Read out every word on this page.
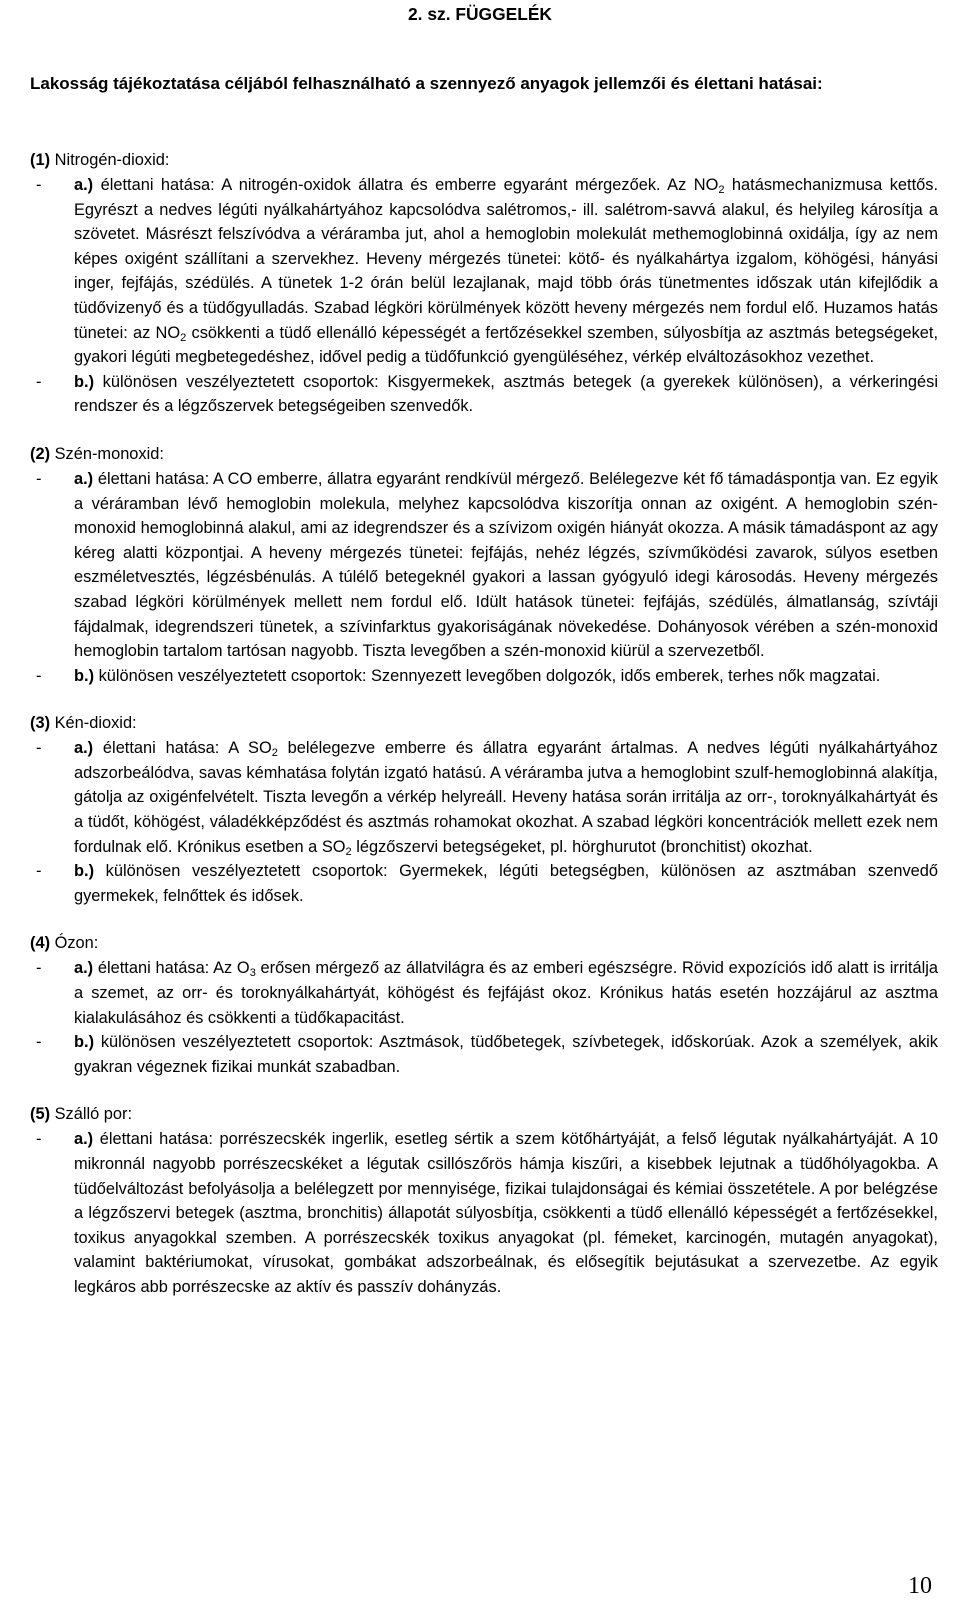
2. sz. FÜGGELÉK
Lakosság tájékoztatása céljából felhasználható a szennyező anyagok jellemzői és élettani hatásai:
(1) Nitrogén-dioxid:
- a.) élettani hatása: A nitrogén-oxidok állatra és emberre egyaránt mérgezőek. Az $NO_2$ hatásmechanizmusa kettős. Egyrészt a nedves légúti nyálkahártyához kapcsolódva salétromos,- ill. salétrom-savvá alakul, és helyileg károsítja a szövetet. Másrészt felszívódva a véráramba jut, ahol a hemoglobin molekulát methemoglobinná oxidálja, így az nem képes oxigént szállítani a szervekhez. Heveny mérgezés tünetei: kötő- és nyálkahártya izgalom, köhögési, hányási inger, fejfájás, szédülés. A tünetek 1-2 órán belül lezajlanak, majd több órás tünetmentes időszak után kifejlődik a tüdővizenyő és a tüdőgyulladás. Szabad légköri körülmények között heveny mérgezés nem fordul elő. Huzamos hatás tünetei: az $NO_2$ csökkenti a tüdő ellenálló képességét a fertőzésekkel szemben, súlyosbítja az asztmás betegségeket, gyakori légúti megbetegedéshez, idővel pedig a tüdőfunkció gyengüléséhez, vérkép elváltozásokhoz vezethet.
- b.) különösen veszélyeztetett csoportok: Kisgyermekek, asztmás betegek (a gyerekek különösen), a vérkeringési rendszer és a légzőszervek betegségeiben szenvedők.
(2) Szén-monoxid:
- a.) élettani hatása: A CO emberre, állatra egyaránt rendkívül mérgező. Belélegezve két fő támadáspontja van. Ez egyik a véráramban lévő hemoglobin molekula, melyhez kapcsolódva kiszorítja onnan az oxigént. A hemoglobin szén-monoxid hemoglobinná alakul, ami az idegrendszer és a szívizom oxigén hiányát okozza. A másik támadáspont az agy kéreg alatti központjai. A heveny mérgezés tünetei: fejfájás, nehéz légzés, szívműködési zavarok, súlyos esetben eszméletvesztés, légzésbénulás. A túlélő betegeknél gyakori a lassan gyógyuló idegi károsodás. Heveny mérgezés szabad légköri körülmények mellett nem fordul elő. Idült hatások tünetei: fejfájás, szédülés, álmatlanság, szívtáji fájdalmak, idegrendszeri tünetek, a szívinfarktus gyakoriságának növekedése. Dohányosok vérében a szén-monoxid hemoglobin tartalom tartósan nagyobb. Tiszta levegőben a szén-monoxid kiürül a szervezetből.
- b.) különösen veszélyeztetett csoportok: Szennyezett levegőben dolgozók, idős emberek, terhes nők magzatai.
(3) Kén-dioxid:
- a.) élettani hatása: A $SO_2$ belélegezve emberre és állatra egyaránt ártalmas. A nedves légúti nyálkahártyához adszorbeálódva, savas kémhatása folytán izgató hatású. A véráramba jutva a hemoglobint szulf-hemoglobinná alakítja, gátolja az oxigénfelvételt. Tiszta levegőn a vérkép helyreáll. Heveny hatása során irritálja az orr-, toroknyálkahártyát és a tüdőt, köhögést, váladékképződést és asztmás rohamokat okozhat. A szabad légköri koncentrációk mellett ezek nem fordulnak elő. Krónikus esetben a $SO_2$ légzőszervi betegségeket, pl. hörghurutot (bronchitist) okozhat.
- b.) különösen veszélyeztetett csoportok: Gyermekek, légúti betegségben, különösen az asztmában szenvedő gyermekek, felnőttek és idősek.
(4) Ózon:
- a.) élettani hatása: Az $O_3$ erősen mérgező az állatvilágra és az emberi egészségre. Rövid expozíciós idő alatt is irritálja a szemet, az orr- és toroknyálkahártyát, köhögést és fejfájást okoz. Krónikus hatás esetén hozzájárul az asztma kialakulásához és csökkenti a tüdőkapacitást.
- b.) különösen veszélyeztetett csoportok: Asztmások, tüdőbetegek, szívbetegek, időskorúak. Azok a személyek, akik gyakran végeznek fizikai munkát szabadban.
(5) Szálló por:
- a.) élettani hatása: porrészecskék ingerlik, esetleg sértik a szem kötőhártyáját, a felső légutak nyálkahártyáját. A 10 mikronnál nagyobb porrészecskéket a légutak csillószőrös hámja kiszűri, a kisebbek lejutnak a tüdőhólyagokba. A tüdőelváltozást befolyásolja a belélegzett por mennyisége, fizikai tulajdonságai és kémiai összetétele. A por belégzése a légzőszervi betegek (asztma, bronchitis) állapotát súlyosbítja, csökkenti a tüdő ellenálló képességét a fertőzésekkel, toxikus anyagokkal szemben. A porrészecskék toxikus anyagokat (pl. fémeket, karcinogén, mutagén anyagokat), valamint baktériumokat, vírusokat, gombákat adszorbeálnak, és elősegítik bejutásukat a szervezetbe. Az egyik legkáros abb porrészecske az aktív és passzív dohányzás.
10
